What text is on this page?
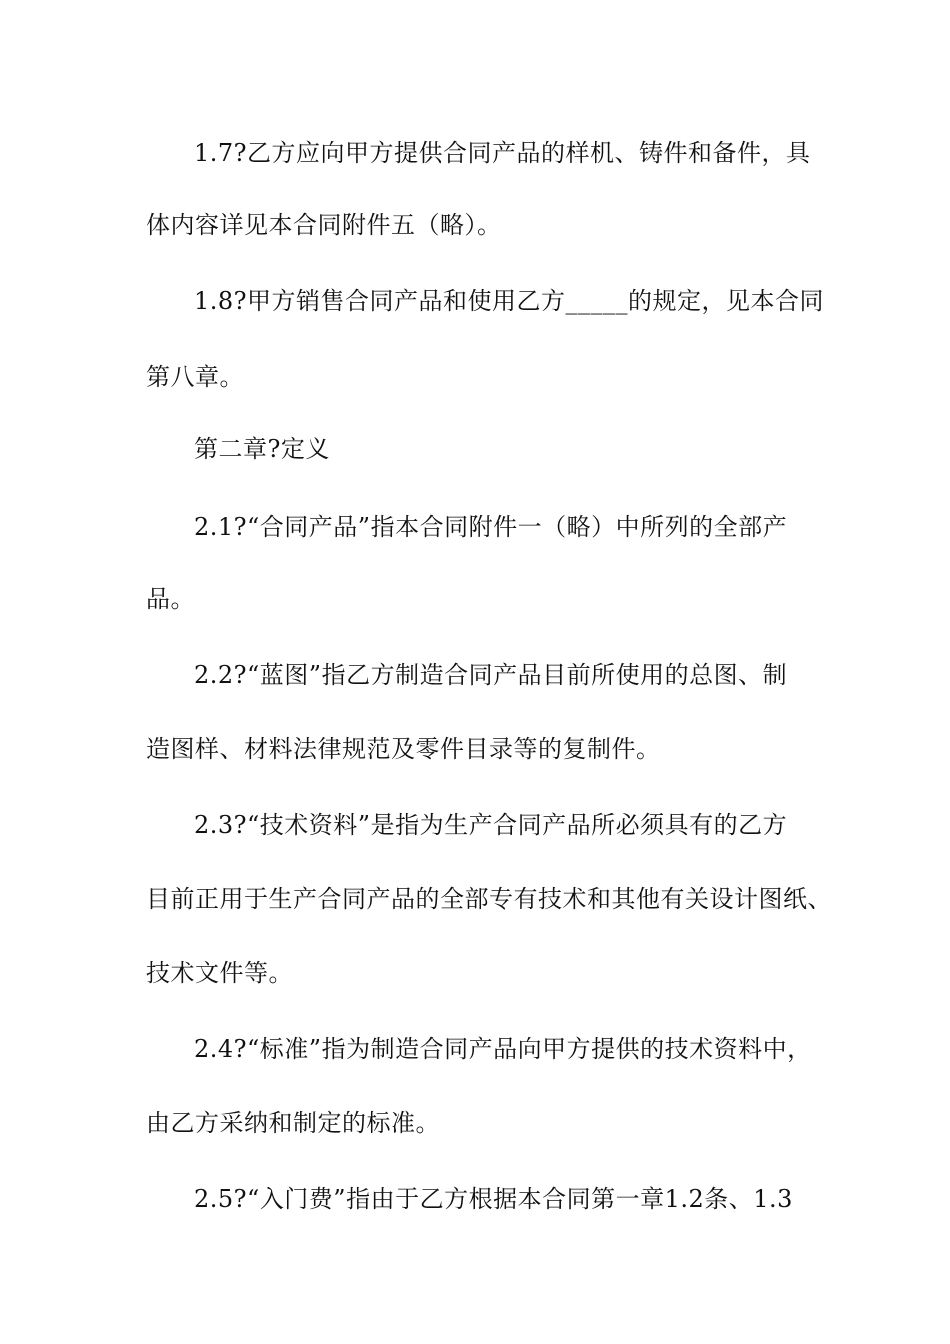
1.7?乙方应向甲方提供合同产品的样机、铸件和备件，具
体内容详见本合同附件五（略）。
1.8?甲方销售合同产品和使用乙方_____的规定，见本合同
第八章。
第二章?定义
2.1?“合同产品”指本合同附件一（略）中所列的全部产
品。
2.2?“蓝图”指乙方制造合同产品目前所使用的总图、制
造图样、材料法律规范及零件目录等的复制件。
2.3?“技术资料”是指为生产合同产品所必须具有的乙方
目前正用于生产合同产品的全部专有技术和其他有关设计图纸、
技术文件等。
2.4?“标准”指为制造合同产品向甲方提供的技术资料中，
由乙方采纳和制定的标准。
2.5?“入门费”指由于乙方根据本合同第一章1.2条、1.3
